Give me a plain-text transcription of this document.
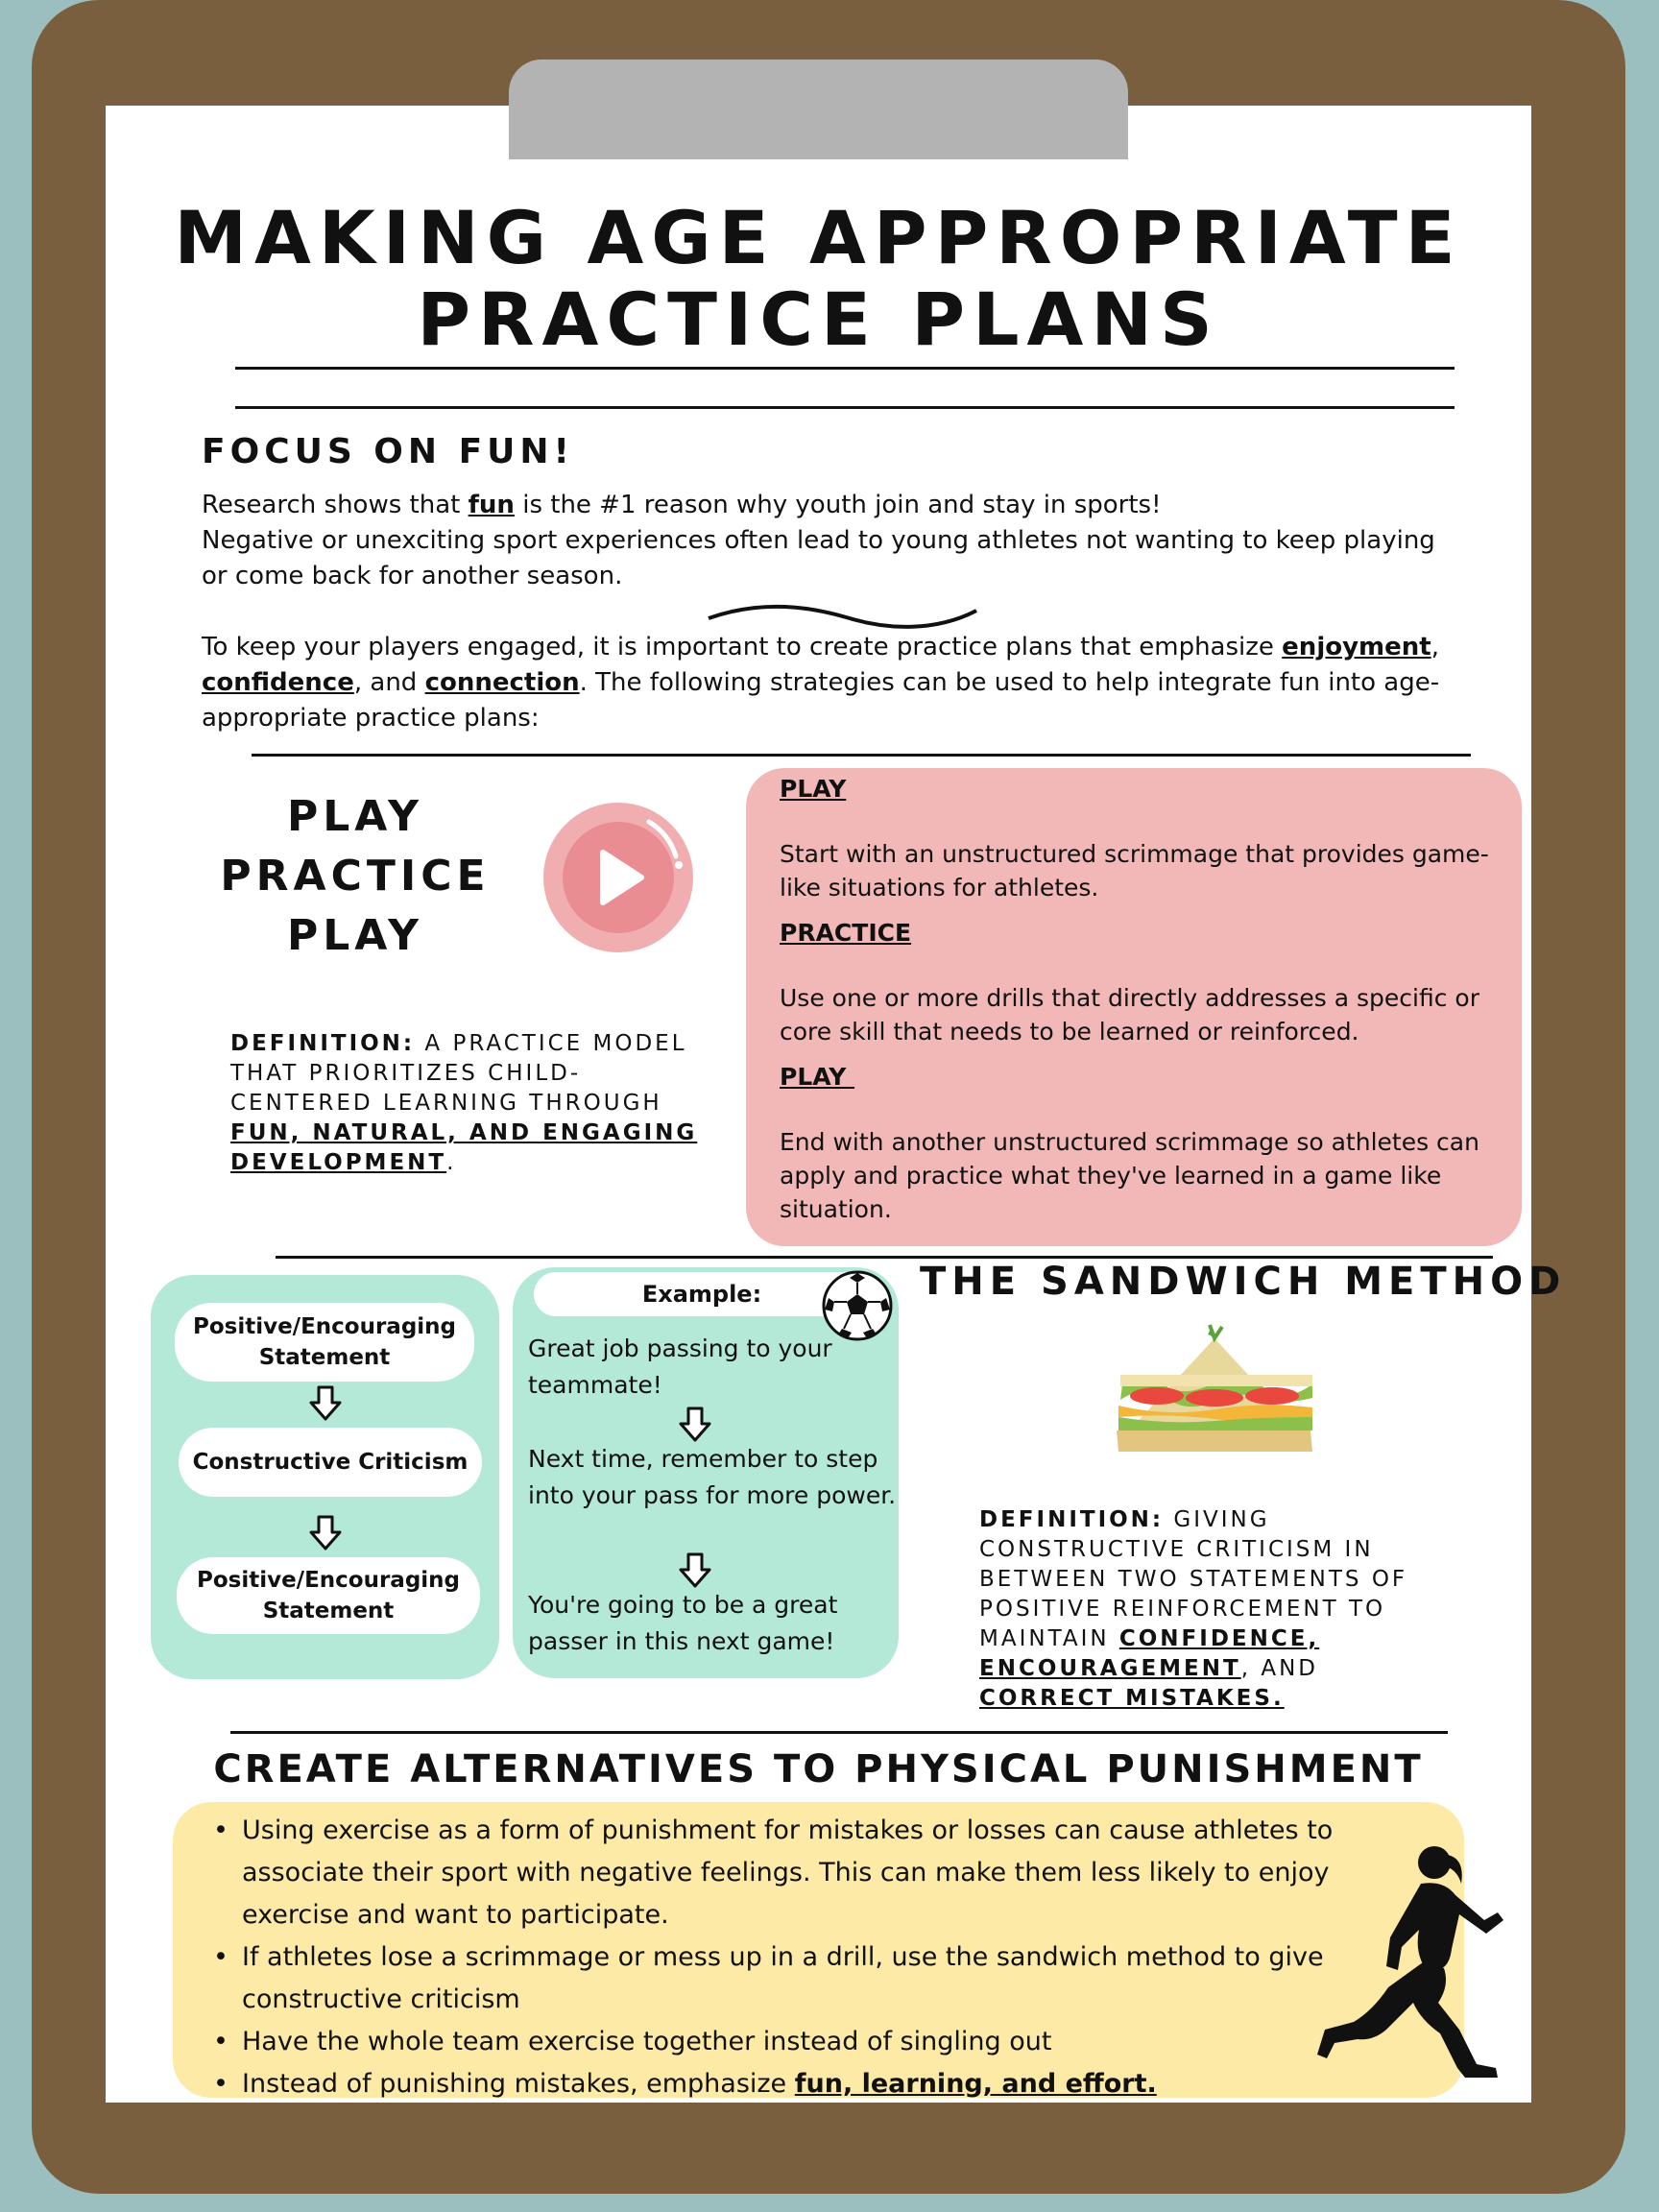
MAKING AGE APPROPRIATE
PRACTICE PLANS
FOCUS ON FUN!
Research shows that fun is the #1 reason why youth join and stay in sports!
Negative or unexciting sport experiences often lead to young athletes not wanting to keep playing or come back for another season.
To keep your players engaged, it is important to create practice plans that emphasize enjoyment, confidence, and connection. The following strategies can be used to help integrate fun into age-appropriate practice plans:
PLAY
PRACTICE
PLAY
DEFINITION: A PRACTICE MODEL THAT PRIORITIZES CHILD-CENTERED LEARNING THROUGH FUN, NATURAL, AND ENGAGING DEVELOPMENT.
PLAY
Start with an unstructured scrimmage that provides game-like situations for athletes.
PRACTICE
Use one or more drills that directly addresses a specific or core skill that needs to be learned or reinforced.
PLAY
End with another unstructured scrimmage so athletes can apply and practice what they've learned in a game like situation.
Positive/Encouraging Statement
Constructive Criticism
Positive/Encouraging Statement
Example:
Great job passing to your teammate!
Next time, remember to step into your pass for more power.
You're going to be a great passer in this next game!
THE SANDWICH METHOD
DEFINITION: GIVING CONSTRUCTIVE CRITICISM IN BETWEEN TWO STATEMENTS OF POSITIVE REINFORCEMENT TO MAINTAIN CONFIDENCE, ENCOURAGEMENT, AND CORRECT MISTAKES.
CREATE ALTERNATIVES TO PHYSICAL PUNISHMENT
• Using exercise as a form of punishment for mistakes or losses can cause athletes to associate their sport with negative feelings. This can make them less likely to enjoy exercise and want to participate.
• If athletes lose a scrimmage or mess up in a drill, use the sandwich method to give constructive criticism
• Have the whole team exercise together instead of singling out
• Instead of punishing mistakes, emphasize fun, learning, and effort.
